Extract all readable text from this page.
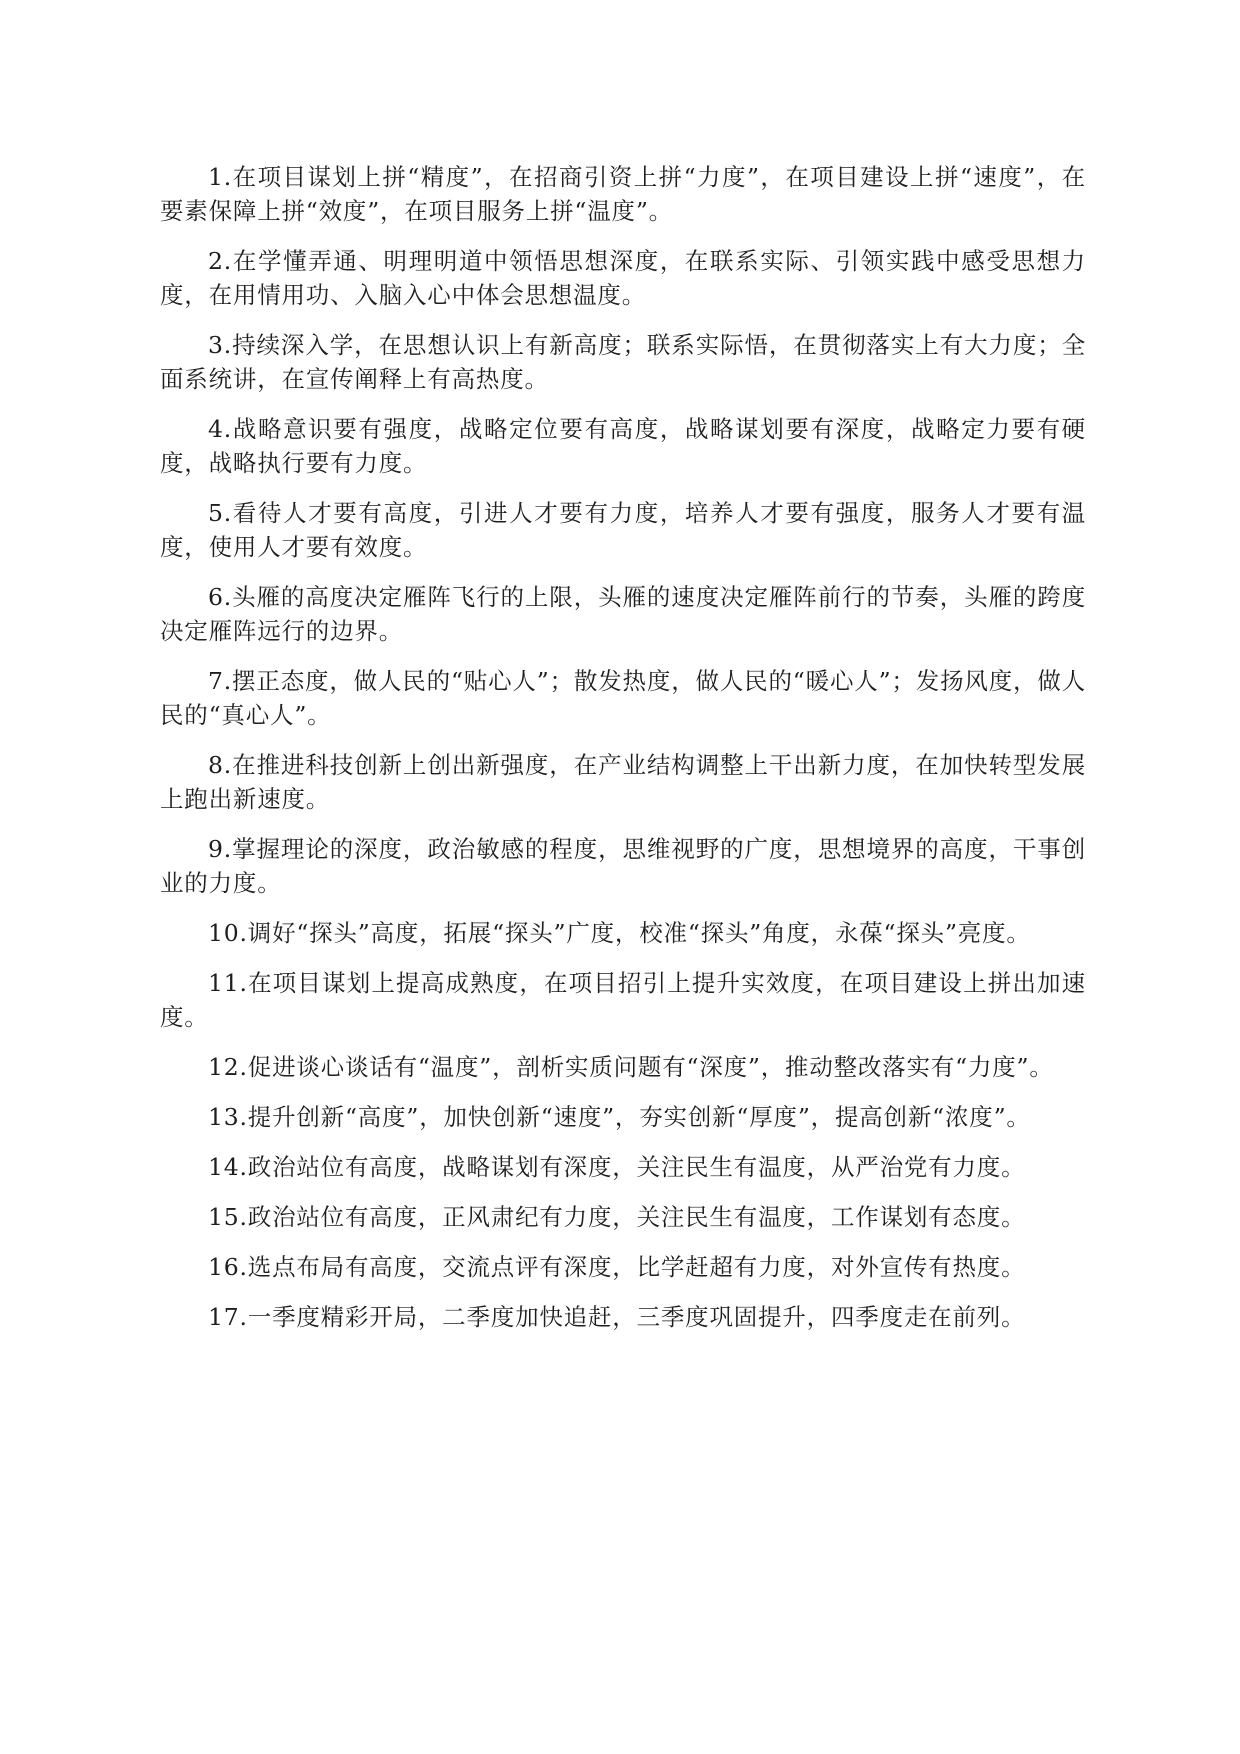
1.在项目谋划上拼“精度”，在招商引资上拼“力度”，在项目建设上拼“速度”，在要素保障上拼“效度”，在项目服务上拼“温度”。

2.在学懂弄通、明理明道中领悟思想深度，在联系实际、引领实践中感受思想力度，在用情用功、入脑入心中体会思想温度。

3.持续深入学，在思想认识上有新高度；联系实际悟，在贯彻落实上有大力度；全面系统讲，在宣传阐释上有高热度。

4.战略意识要有强度，战略定位要有高度，战略谋划要有深度，战略定力要有硬度，战略执行要有力度。

5.看待人才要有高度，引进人才要有力度，培养人才要有强度，服务人才要有温度，使用人才要有效度。

6.头雁的高度决定雁阵飞行的上限，头雁的速度决定雁阵前行的节奏，头雁的跨度决定雁阵远行的边界。

7.摆正态度，做人民的“贴心人”；散发热度，做人民的“暖心人”；发扬风度，做人民的“真心人”。

8.在推进科技创新上创出新强度，在产业结构调整上干出新力度，在加快转型发展上跑出新速度。

9.掌握理论的深度，政治敏感的程度，思维视野的广度，思想境界的高度，干事创业的力度。

10.调好“探头”高度，拓展“探头”广度，校准“探头”角度，永葆“探头”亮度。

11.在项目谋划上提高成熟度，在项目招引上提升实效度，在项目建设上拼出加速度。

12.促进谈心谈话有“温度”，剖析实质问题有“深度”，推动整改落实有“力度”。

13.提升创新“高度”，加快创新“速度”，夯实创新“厚度”，提高创新“浓度”。

14.政治站位有高度，战略谋划有深度，关注民生有温度，从严治党有力度。

15.政治站位有高度，正风肃纪有力度，关注民生有温度，工作谋划有态度。

16.选点布局有高度，交流点评有深度，比学赶超有力度，对外宣传有热度。

17.一季度精彩开局，二季度加快追赶，三季度巩固提升，四季度走在前列。
